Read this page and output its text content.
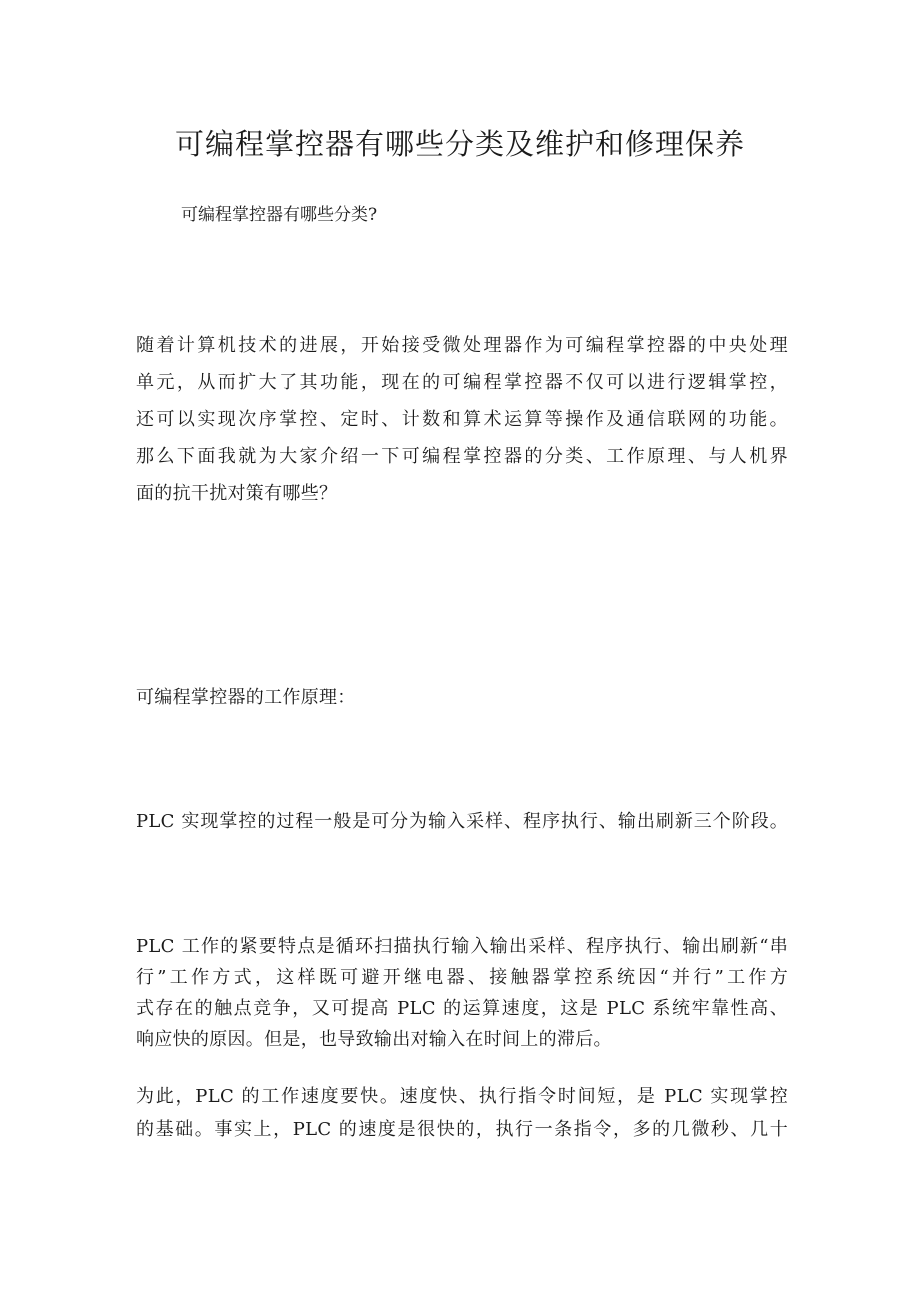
可编程掌控器有哪些分类及维护和修理保养

可编程掌控器有哪些分类?

随着计算机技术的进展，开始接受微处理器作为可编程掌控器的中央处理
单元，从而扩大了其功能，现在的可编程掌控器不仅可以进行逻辑掌控，
还可以实现次序掌控、定时、计数和算术运算等操作及通信联网的功能。
那么下面我就为大家介绍一下可编程掌控器的分类、工作原理、与人机界
面的抗干扰对策有哪些？
可编程掌控器的工作原理：
PLC 实现掌控的过程一般是可分为输入采样、程序执行、输出刷新三个阶段。
PLC 工作的紧要特点是循环扫描执行输入输出采样、程序执行、输出刷新“串
行”工作方式，这样既可避开继电器、接触器掌控系统因“并行”工作方
式存在的触点竞争，又可提高 PLC 的运算速度，这是 PLC 系统牢靠性高、
响应快的原因。但是，也导致输出对输入在时间上的滞后。
为此，PLC 的工作速度要快。速度快、执行指令时间短，是 PLC 实现掌控
的基础。事实上，PLC 的速度是很快的，执行一条指令，多的几微秒、几十
